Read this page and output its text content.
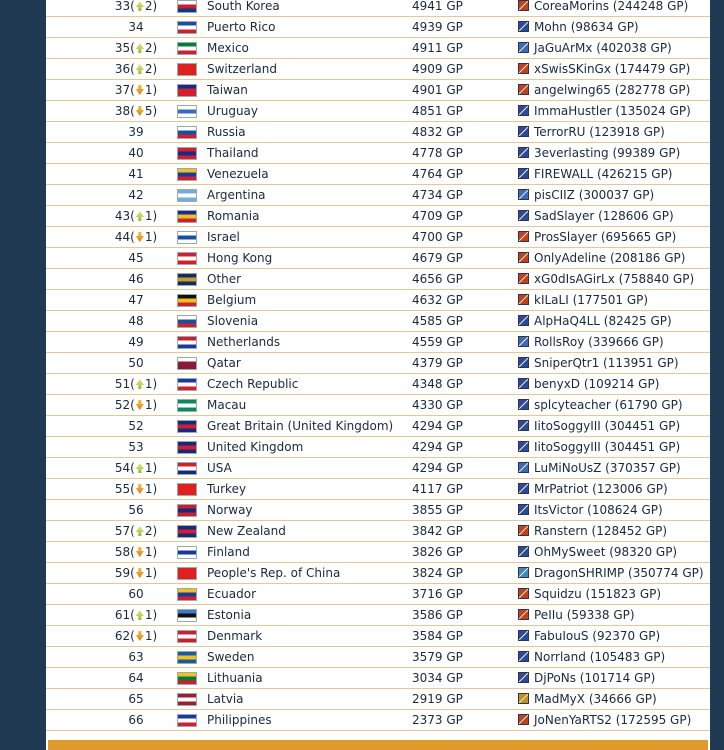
33( 2)	South Korea	4941 GP	CoreaMorins (244248 GP)
34	Puerto Rico	4939 GP	Mohn (98634 GP)
35( 2)	Mexico	4911 GP	JaGuArMx (402038 GP)
36( 2)	Switzerland	4909 GP	xSwisSKinGx (174479 GP)
37( 1)	Taiwan	4901 GP	angelwing65 (282778 GP)
38( 5)	Uruguay	4851 GP	ImmaHustler (135024 GP)
39	Russia	4832 GP	TerrorRU (123918 GP)
40	Thailand	4778 GP	3everlasting (99389 GP)
41	Venezuela	4764 GP	FIREWALL (426215 GP)
42	Argentina	4734 GP	pisCIIZ (300037 GP)
43( 1)	Romania	4709 GP	SadSlayer (128606 GP)
44( 1)	Israel	4700 GP	ProsSlayer (695665 GP)
45	Hong Kong	4679 GP	OnlyAdeline (208186 GP)
46	Other	4656 GP	xG0dIsAGirLx (758840 GP)
47	Belgium	4632 GP	kILaLI (177501 GP)
48	Slovenia	4585 GP	AlpHaQ4LL (82425 GP)
49	Netherlands	4559 GP	RollsRoy (339666 GP)
50	Qatar	4379 GP	SniperQtr1 (113951 GP)
51( 1)	Czech Republic	4348 GP	benyxD (109214 GP)
52( 1)	Macau	4330 GP	splcyteacher (61790 GP)
52	Great Britain (United Kingdom) 4294 GP	IitoSoggyIII (304451 GP)
53	United Kingdom	4294 GP	IitoSoggyIII (304451 GP)
54( 1)	USA	4294 GP	LuMiNoUsZ (370357 GP)
55( 1)	Turkey	4117 GP	MrPatriot (123006 GP)
56	Norway	3855 GP	ItsVictor (108624 GP)
57( 2)	New Zealand	3842 GP	Ranstern (128452 GP)
58( 1)	Finland	3826 GP	OhMySweet (98320 GP)
59( 1)	People's Rep. of China	3824 GP	DragonSHRIMP (350774 GP)
60	Ecuador	3716 GP	Squidzu (151823 GP)
61( 1)	Estonia	3586 GP	PeIIu (59338 GP)
62( 1)	Denmark	3584 GP	FabuIouS (92370 GP)
63	Sweden	3579 GP	Norrland (105483 GP)
64	Lithuania	3034 GP	DjPoNs (101714 GP)
65	Latvia	2919 GP	MadMyX (34666 GP)
66	Philippines	2373 GP	JoNenYaRTS2 (172595 GP)
